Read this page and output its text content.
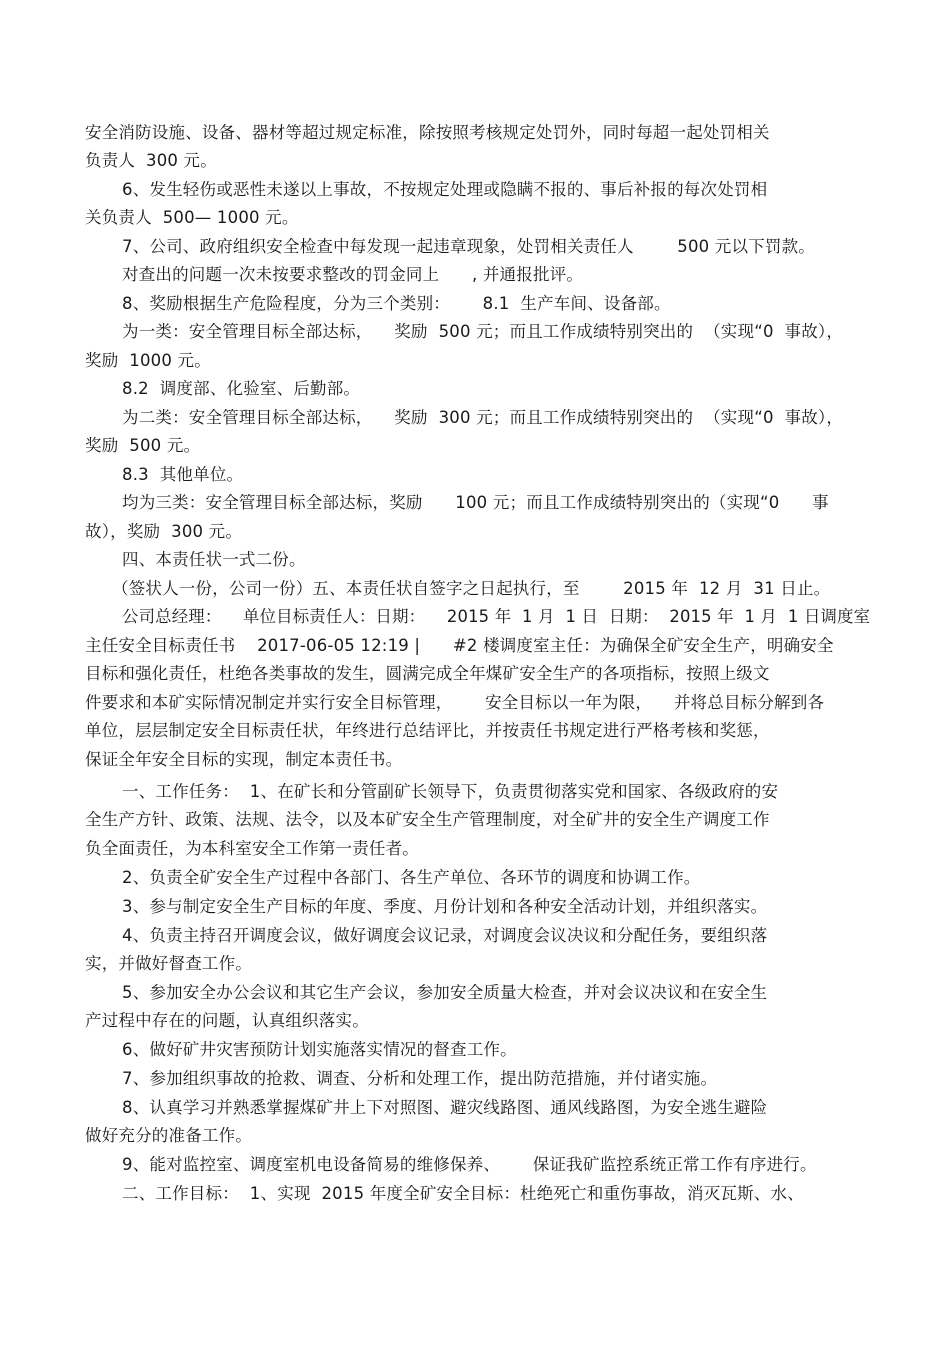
安全消防设施、设备、器材等超过规定标准，除按照考核规定处罚外，同时每超一起处罚相关
负责人  300 元。
6、发生轻伤或恶性未遂以上事故，不按规定处理或隐瞒不报的、事后补报的每次处罚相
关负责人  500— 1000 元。
7、公司、政府组织安全检查中每发现一起违章现象，处罚相关责任人        500 元以下罚款。
对查出的问题一次未按要求整改的罚金同上      , 并通报批评。
8、奖励根据生产危险程度，分为三个类别：      8.1  生产车间、设备部。
为一类：安全管理目标全部达标，    奖励  500 元；而且工作成绩特别突出的  （实现“0  事故），
奖励  1000 元。
8.2  调度部、化验室、后勤部。
为二类：安全管理目标全部达标，    奖励  300 元；而且工作成绩特别突出的  （实现“0  事故），
奖励  500 元。
8.3  其他单位。
均为三类：安全管理目标全部达标，奖励      100 元；而且工作成绩特别突出的（实现“0      事
故），奖励  300 元。
四、本责任状一式二份。
（签状人一份，公司一份）五、本责任状自签字之日起执行，至        2015 年  12 月  31 日止。
公司总经理：    单位目标责任人：日期：    2015 年  1 月  1 日  日期：  2015 年  1 月  1 日调度室
主任安全目标责任书    2017-06-05 12:19 |      #2 楼调度室主任：为确保全矿安全生产，明确安全
目标和强化责任，杜绝各类事故的发生，圆满完成全年煤矿安全生产的各项指标，按照上级文
件要求和本矿实际情况制定并实行安全目标管理，      安全目标以一年为限，    并将总目标分解到各
单位，层层制定安全目标责任状，年终进行总结评比，并按责任书规定进行严格考核和奖惩，
保证全年安全目标的实现，制定本责任书。
一、工作任务：  1、在矿长和分管副矿长领导下，负责贯彻落实党和国家、各级政府的安
全生产方针、政策、法规、法令，以及本矿安全生产管理制度，对全矿井的安全生产调度工作
负全面责任，为本科室安全工作第一责任者。
2、负责全矿安全生产过程中各部门、各生产单位、各环节的调度和协调工作。
3、参与制定安全生产目标的年度、季度、月份计划和各种安全活动计划，并组织落实。
4、负责主持召开调度会议，做好调度会议记录，对调度会议决议和分配任务，要组织落
实，并做好督查工作。
5、参加安全办公会议和其它生产会议，参加安全质量大检查，并对会议决议和在安全生
产过程中存在的问题，认真组织落实。
6、做好矿井灾害预防计划实施落实情况的督查工作。
7、参加组织事故的抢救、调查、分析和处理工作，提出防范措施，并付诸实施。
8、认真学习并熟悉掌握煤矿井上下对照图、避灾线路图、通风线路图，为安全逃生避险
做好充分的准备工作。
9、能对监控室、调度室机电设备简易的维修保养、      保证我矿监控系统正常工作有序进行。
二、工作目标：  1、实现  2015 年度全矿安全目标：杜绝死亡和重伤事故，消灭瓦斯、水、
